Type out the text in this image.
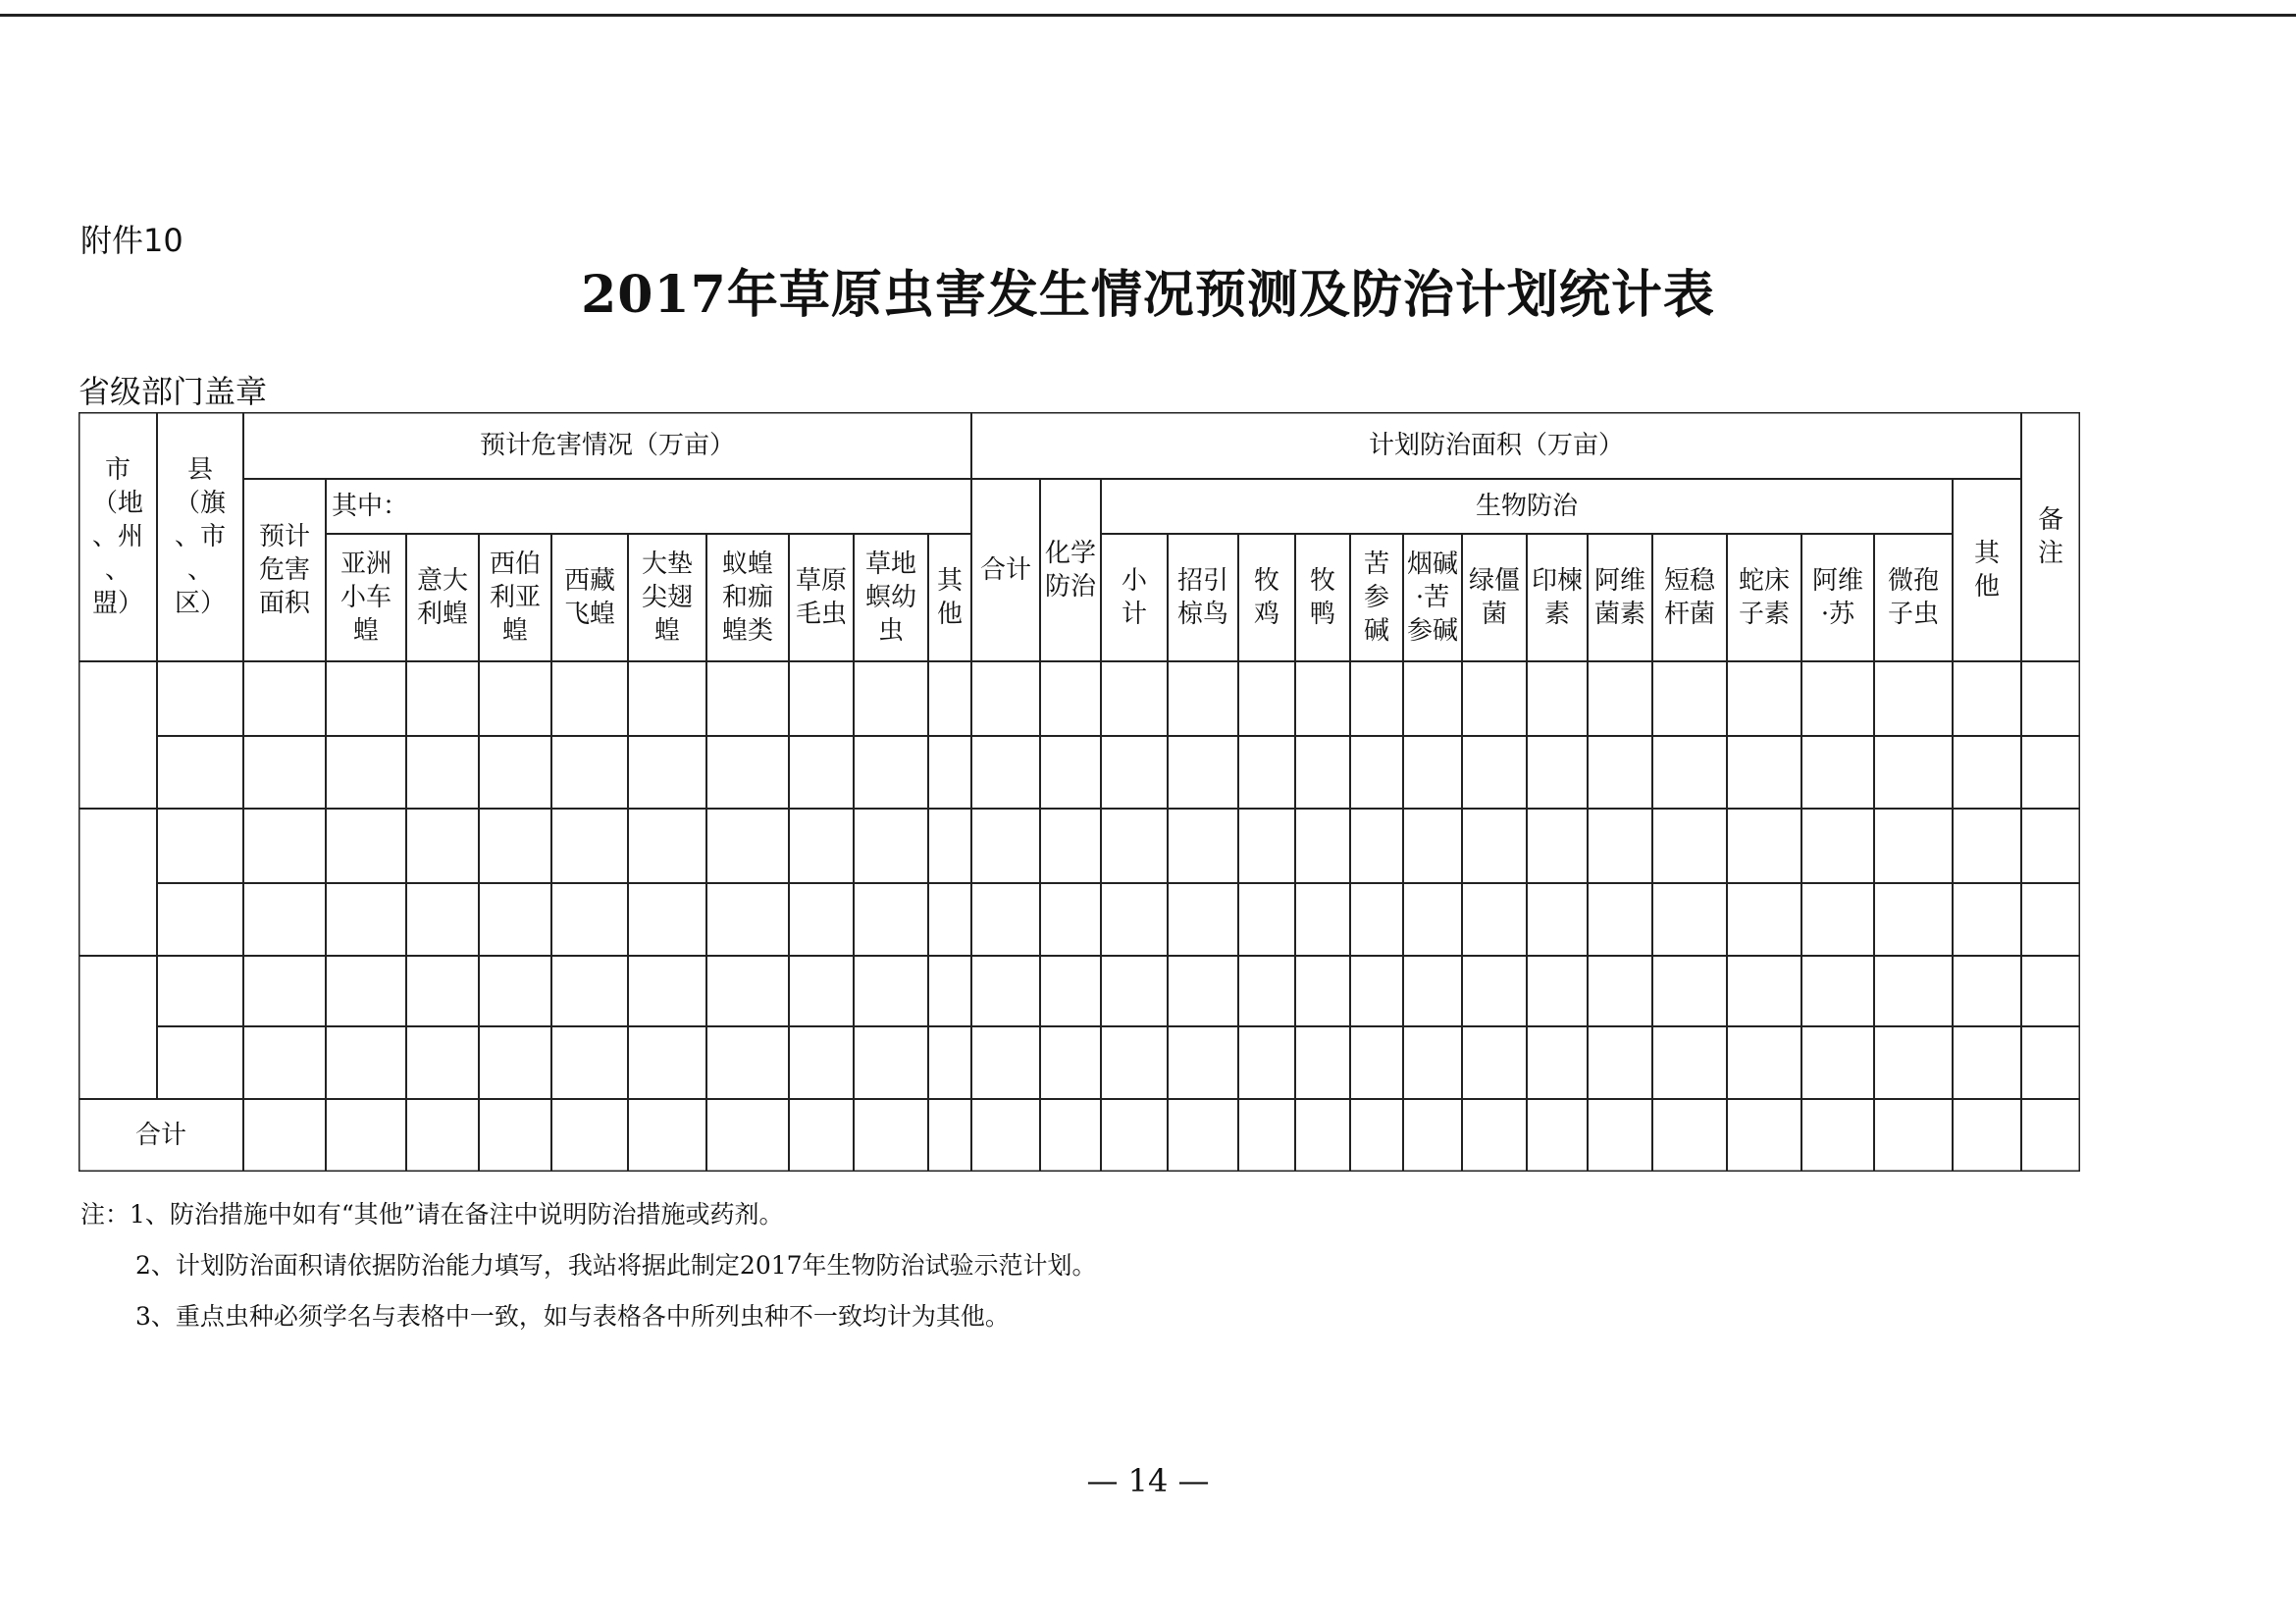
附件10
2017年草原虫害发生情况预测及防治计划统计表
省级部门盖章
市
（地
、州
、
盟）
县
（旗
、市
、
区）
预计危害情况（万亩）
预计
危害
面积
其中：
亚洲
小车
蝗
意大
利蝗
西伯
利亚
蝗
西藏
飞蝗
大垫
尖翅
蝗
蚁蝗
和痂
蝗类
草原
毛虫
草地
螟幼
虫
其
他
计划防治面积（万亩）
合计
化学
防治
生物防治
小
计
招引
椋鸟
牧
鸡
牧
鸭
苦
参
碱
烟碱
·苦
参碱
绿僵
菌
印楝
素
阿维
菌素
短稳
杆菌
蛇床
子素
阿维
·苏
微孢
子虫
其
他
备
注
合计
注：1、防治措施中如有“其他”请在备注中说明防治措施或药剂。
2、计划防治面积请依据防治能力填写，我站将据此制定2017年生物防治试验示范计划。
3、重点虫种必须学名与表格中一致，如与表格各中所列虫种不一致均计为其他。
— 14 —
